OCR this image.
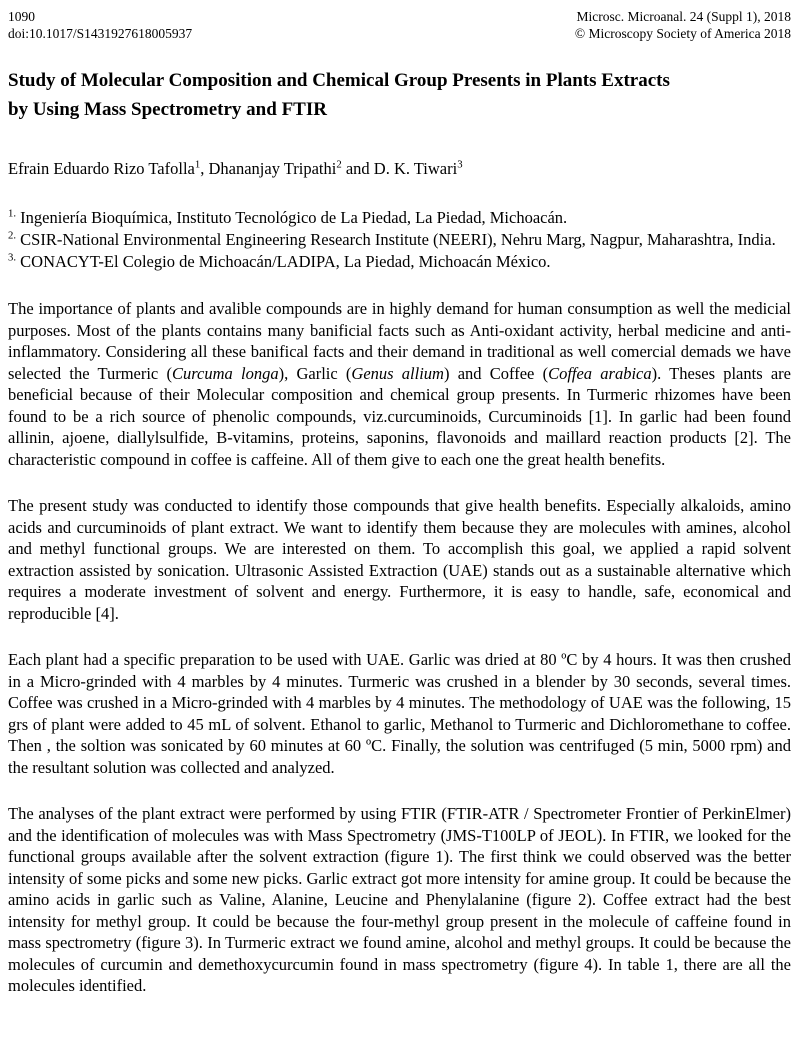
1090
doi:10.1017/S1431927618005937
Microsc. Microanal. 24 (Suppl 1), 2018
© Microscopy Society of America 2018
Study of Molecular Composition and Chemical Group Presents in Plants Extracts
by Using Mass Spectrometry and FTIR
Efrain Eduardo Rizo Tafolla$^1$, Dhananjay Tripathi$^2$ and D. K. Tiwari$^3$
$^{1.}$ Ingeniería Bioquímica, Instituto Tecnológico de La Piedad, La Piedad, Michoacán.
$^{2.}$ CSIR-National Environmental Engineering Research Institute (NEERI), Nehru Marg, Nagpur, Maharashtra, India.
$^{3.}$ CONACYT-El Colegio de Michoacán/LADIPA, La Piedad, Michoacán México.

The importance of plants and avalible compounds are in highly demand for human consumption as well the medicial purposes. Most of the plants contains many banificial facts such as Anti-oxidant activity, herbal medicine and anti-inflammatory. Considering all these banifical facts and their demand in traditional as well comercial demads we have selected the Turmeric (Curcuma longa), Garlic (Genus allium) and Coffee (Coffea arabica). Theses plants are beneficial because of their Molecular composition and chemical group presents. In Turmeric rhizomes have been found to be a rich source of phenolic compounds, viz.curcuminoids, Curcuminoids [1]. In garlic had been found allinin, ajoene, diallylsulfide, B-vitamins, proteins, saponins, flavonoids and maillard reaction products [2]. The characteristic compound in coffee is caffeine. All of them give to each one the great health benefits.

The present study was conducted to identify those compounds that give health benefits. Especially alkaloids, amino acids and curcuminoids of plant extract. We want to identify them because they are molecules with amines, alcohol and methyl functional groups. We are interested on them. To accomplish this goal, we applied a rapid solvent extraction assisted by sonication. Ultrasonic Assisted Extraction (UAE) stands out as a sustainable alternative which requires a moderate investment of solvent and energy. Furthermore, it is easy to handle, safe, economical and reproducible [4].

Each plant had a specific preparation to be used with UAE. Garlic was dried at 80 ºC by 4 hours. It was then crushed in a Micro-grinded with 4 marbles by 4 minutes. Turmeric was crushed in a blender by 30 seconds, several times. Coffee was crushed in a Micro-grinded with 4 marbles by 4 minutes. The methodology of UAE was the following, 15 grs of plant were added to 45 mL of solvent. Ethanol to garlic, Methanol to Turmeric and Dichloromethane to coffee. Then , the soltion was sonicated by 60 minutes at 60 ºC. Finally, the solution was centrifuged (5 min, 5000 rpm) and the resultant solution was collected and analyzed.

The analyses of the plant extract were performed by using FTIR (FTIR-ATR / Spectrometer Frontier of PerkinElmer) and the identification of molecules was with Mass Spectrometry (JMS-T100LP of JEOL). In FTIR, we looked for the functional groups available after the solvent extraction (figure 1). The first think we could observed was the better intensity of some picks and some new picks. Garlic extract got more intensity for amine group. It could be because the amino acids in garlic such as Valine, Alanine, Leucine and Phenylalanine (figure 2). Coffee extract had the best intensity for methyl group. It could be because the four-methyl group present in the molecule of caffeine found in mass spectrometry (figure 3). In Turmeric extract we found amine, alcohol and methyl groups. It could be because the molecules of curcumin and demethoxycurcumin found in mass spectrometry (figure 4). In table 1, there are all the molecules identified.
